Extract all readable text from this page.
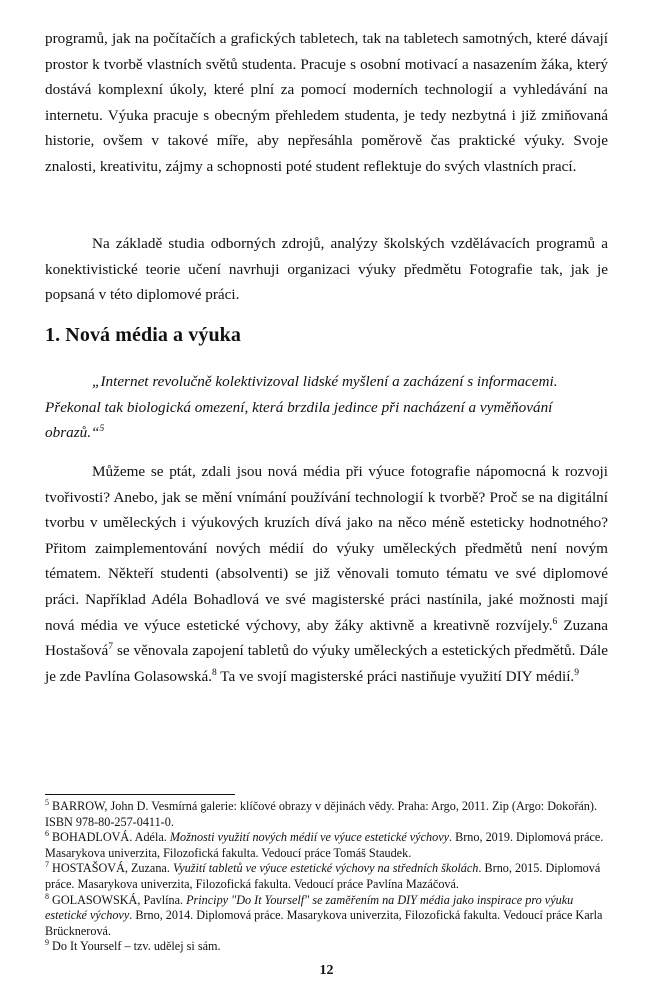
programů, jak na počítačích a grafických tabletech, tak na tabletech samotných, které dávají prostor k tvorbě vlastních světů studenta. Pracuje s osobní motivací a nasazením žáka, který dostává komplexní úkoly, které plní za pomocí moderních technologií a vyhledávání na internetu. Výuka pracuje s obecným přehledem studenta, je tedy nezbytná i již zmiňovaná historie, ovšem v takové míře, aby nepřesáhla poměrově čas praktické výuky. Svoje znalosti, kreativitu, zájmy a schopnosti poté student reflektuje do svých vlastních prací.

Na základě studia odborných zdrojů, analýzy školských vzdělávacích programů a konektivistické teorie učení navrhuji organizaci výuky předmětu Fotografie tak, jak je popsaná v této diplomové práci.

1. Nová média a výuka

„Internet revolučně kolektivizoval lidské myšlení a zacházení s informacemi. Překonal tak biologická omezení, která brzdila jedince při nacházení a vyměňování obrazů.“$^5$

Můžeme se ptát, zdali jsou nová média při výuce fotografie nápomocná k rozvoji tvořivosti? Anebo, jak se mění vnímání používání technologií k tvorbě? Proč se na digitální tvorbu v uměleckých i výukových kruzích dívá jako na něco méně esteticky hodnotného? Přitom zaimplementování nových médií do výuky uměleckých předmětů není novým tématem. Někteří studenti (absolventi) se již věnovali tomuto tématu ve své diplomové práci. Například Adéla Bohadlová ve své magisterské práci nastínila, jaké možnosti mají nová média ve výuce estetické výchovy, aby žáky aktivně a kreativně rozvíjely.$^6$ Zuzana Hostašová$^7$ se věnovala zapojení tabletů do výuky uměleckých a estetických předmětů. Dále je zde Pavlína Golasowská.$^8$ Ta ve svojí magisterské práci nastiňuje využití DIY médií.$^9$

$^5$ BARROW, John D. Vesmírná galerie: klíčové obrazy v dějinách vědy. Praha: Argo, 2011. Zip (Argo: Dokořán). ISBN 978-80-257-0411-0.

$^6$ BOHADLOVÁ. Adéla. Možnosti využití nových médií ve výuce estetické výchovy. Brno, 2019. Diplomová práce. Masarykova univerzita, Filozofická fakulta. Vedoucí práce Tomáš Staudek.

$^7$ HOSTAŠOVÁ, Zuzana. Využití tabletů ve výuce estetické výchovy na středních školách. Brno, 2015. Diplomová práce. Masarykova univerzita, Filozofická fakulta. Vedoucí práce Pavlína Mazáčová.

$^8$ GOLASOWSKÁ, Pavlína. Principy "Do It Yourself" se zaměřením na DIY média jako inspirace pro výuku estetické výchovy. Brno, 2014. Diplomová práce. Masarykova univerzita, Filozofická fakulta. Vedoucí práce Karla Brücknerová.

$^9$ Do It Yourself – tzv. udělej si sám.

12
